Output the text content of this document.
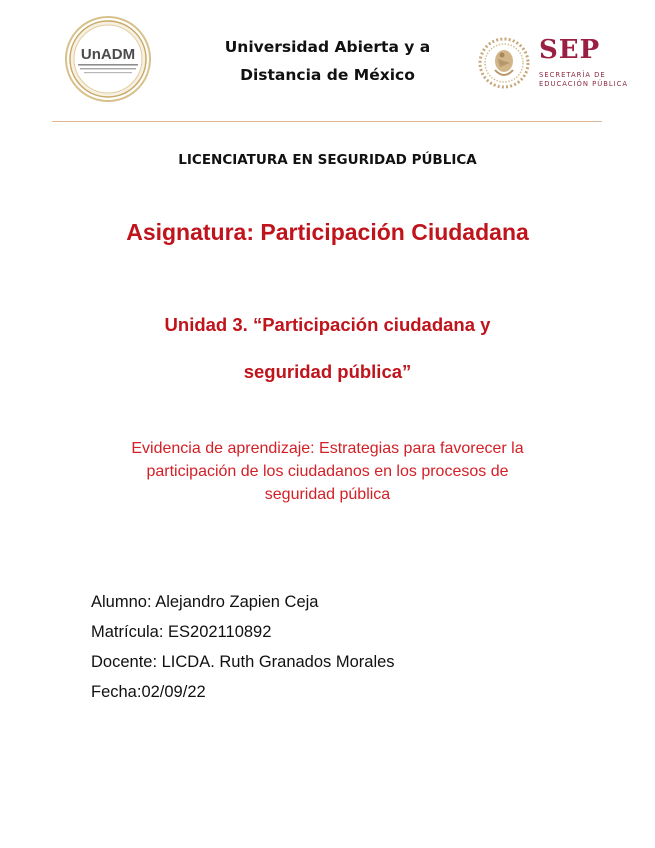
UnADM	Universidad Abierta y a
Distancia de México
SEP
SECRETARÍA DE
EDUCACIÓN PÚBLICA
LICENCIATURA EN SEGURIDAD PÚBLICA
Asignatura: Participación Ciudadana
Unidad 3. “Participación ciudadana y
seguridad pública”
Evidencia de aprendizaje: Estrategias para favorecer la
participación de los ciudadanos en los procesos de
seguridad pública
Alumno: Alejandro Zapien Ceja
Matrícula: ES202110892
Docente: LICDA. Ruth Granados Morales
Fecha:02/09/22
